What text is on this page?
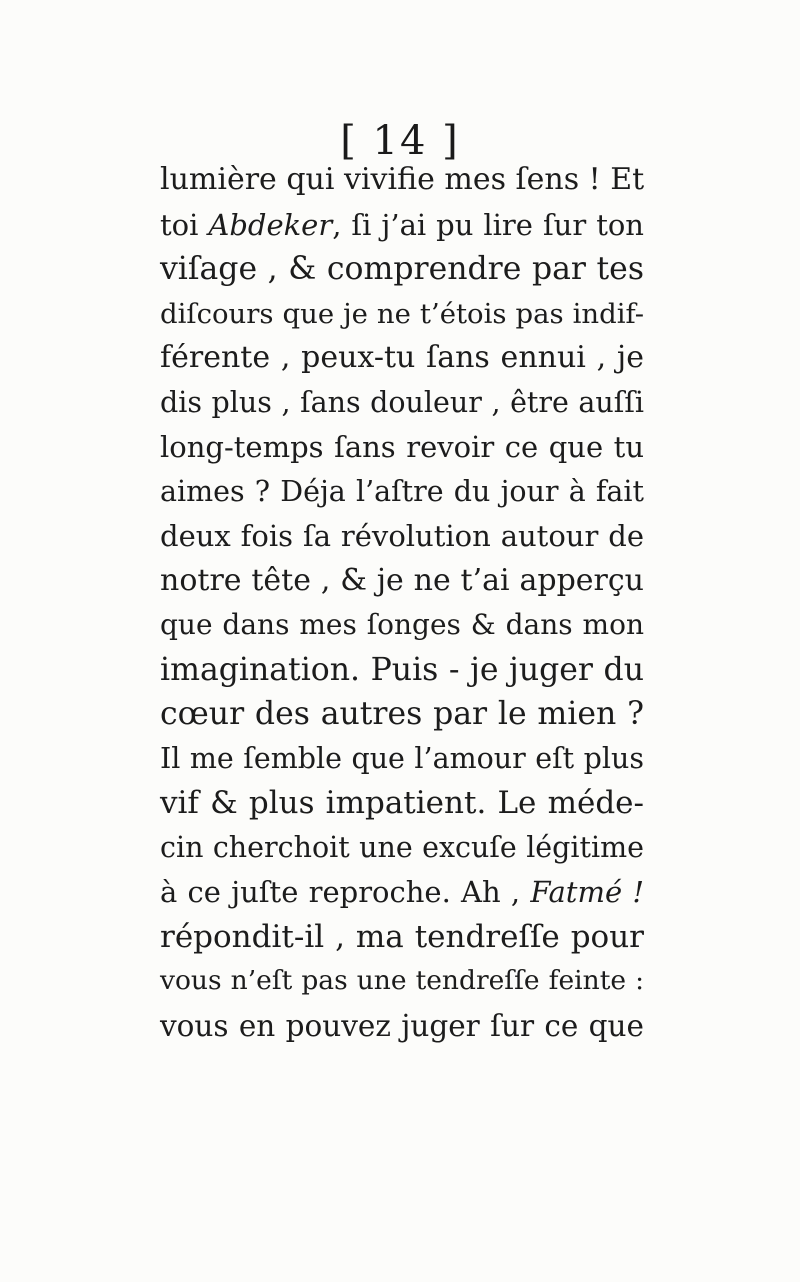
[ 14 ]
lumière qui vivifie mes ſens ! Et
toi Abdeker, ſi j’ai pu lire ſur ton
viſage , & comprendre par tes
diſcours que je ne t’étois pas indif-
férente , peux-tu ſans ennui , je
dis plus , ſans douleur , être auſſi
long-temps ſans revoir ce que tu
aimes ? Déja l’aſtre du jour à fait
deux fois ſa révolution autour de
notre tête , & je ne t’ai apperçu
que dans mes ſonges & dans mon
imagination. Puis - je juger du
cœur des autres par le mien ?
Il me ſemble que l’amour eſt plus
vif & plus impatient. Le méde-
cin cherchoit une excuſe légitime
à ce juſte reproche. Ah , Fatmé !
répondit-il , ma tendreſſe pour
vous n’eſt pas une tendreſſe feinte :
vous en pouvez juger ſur ce que
